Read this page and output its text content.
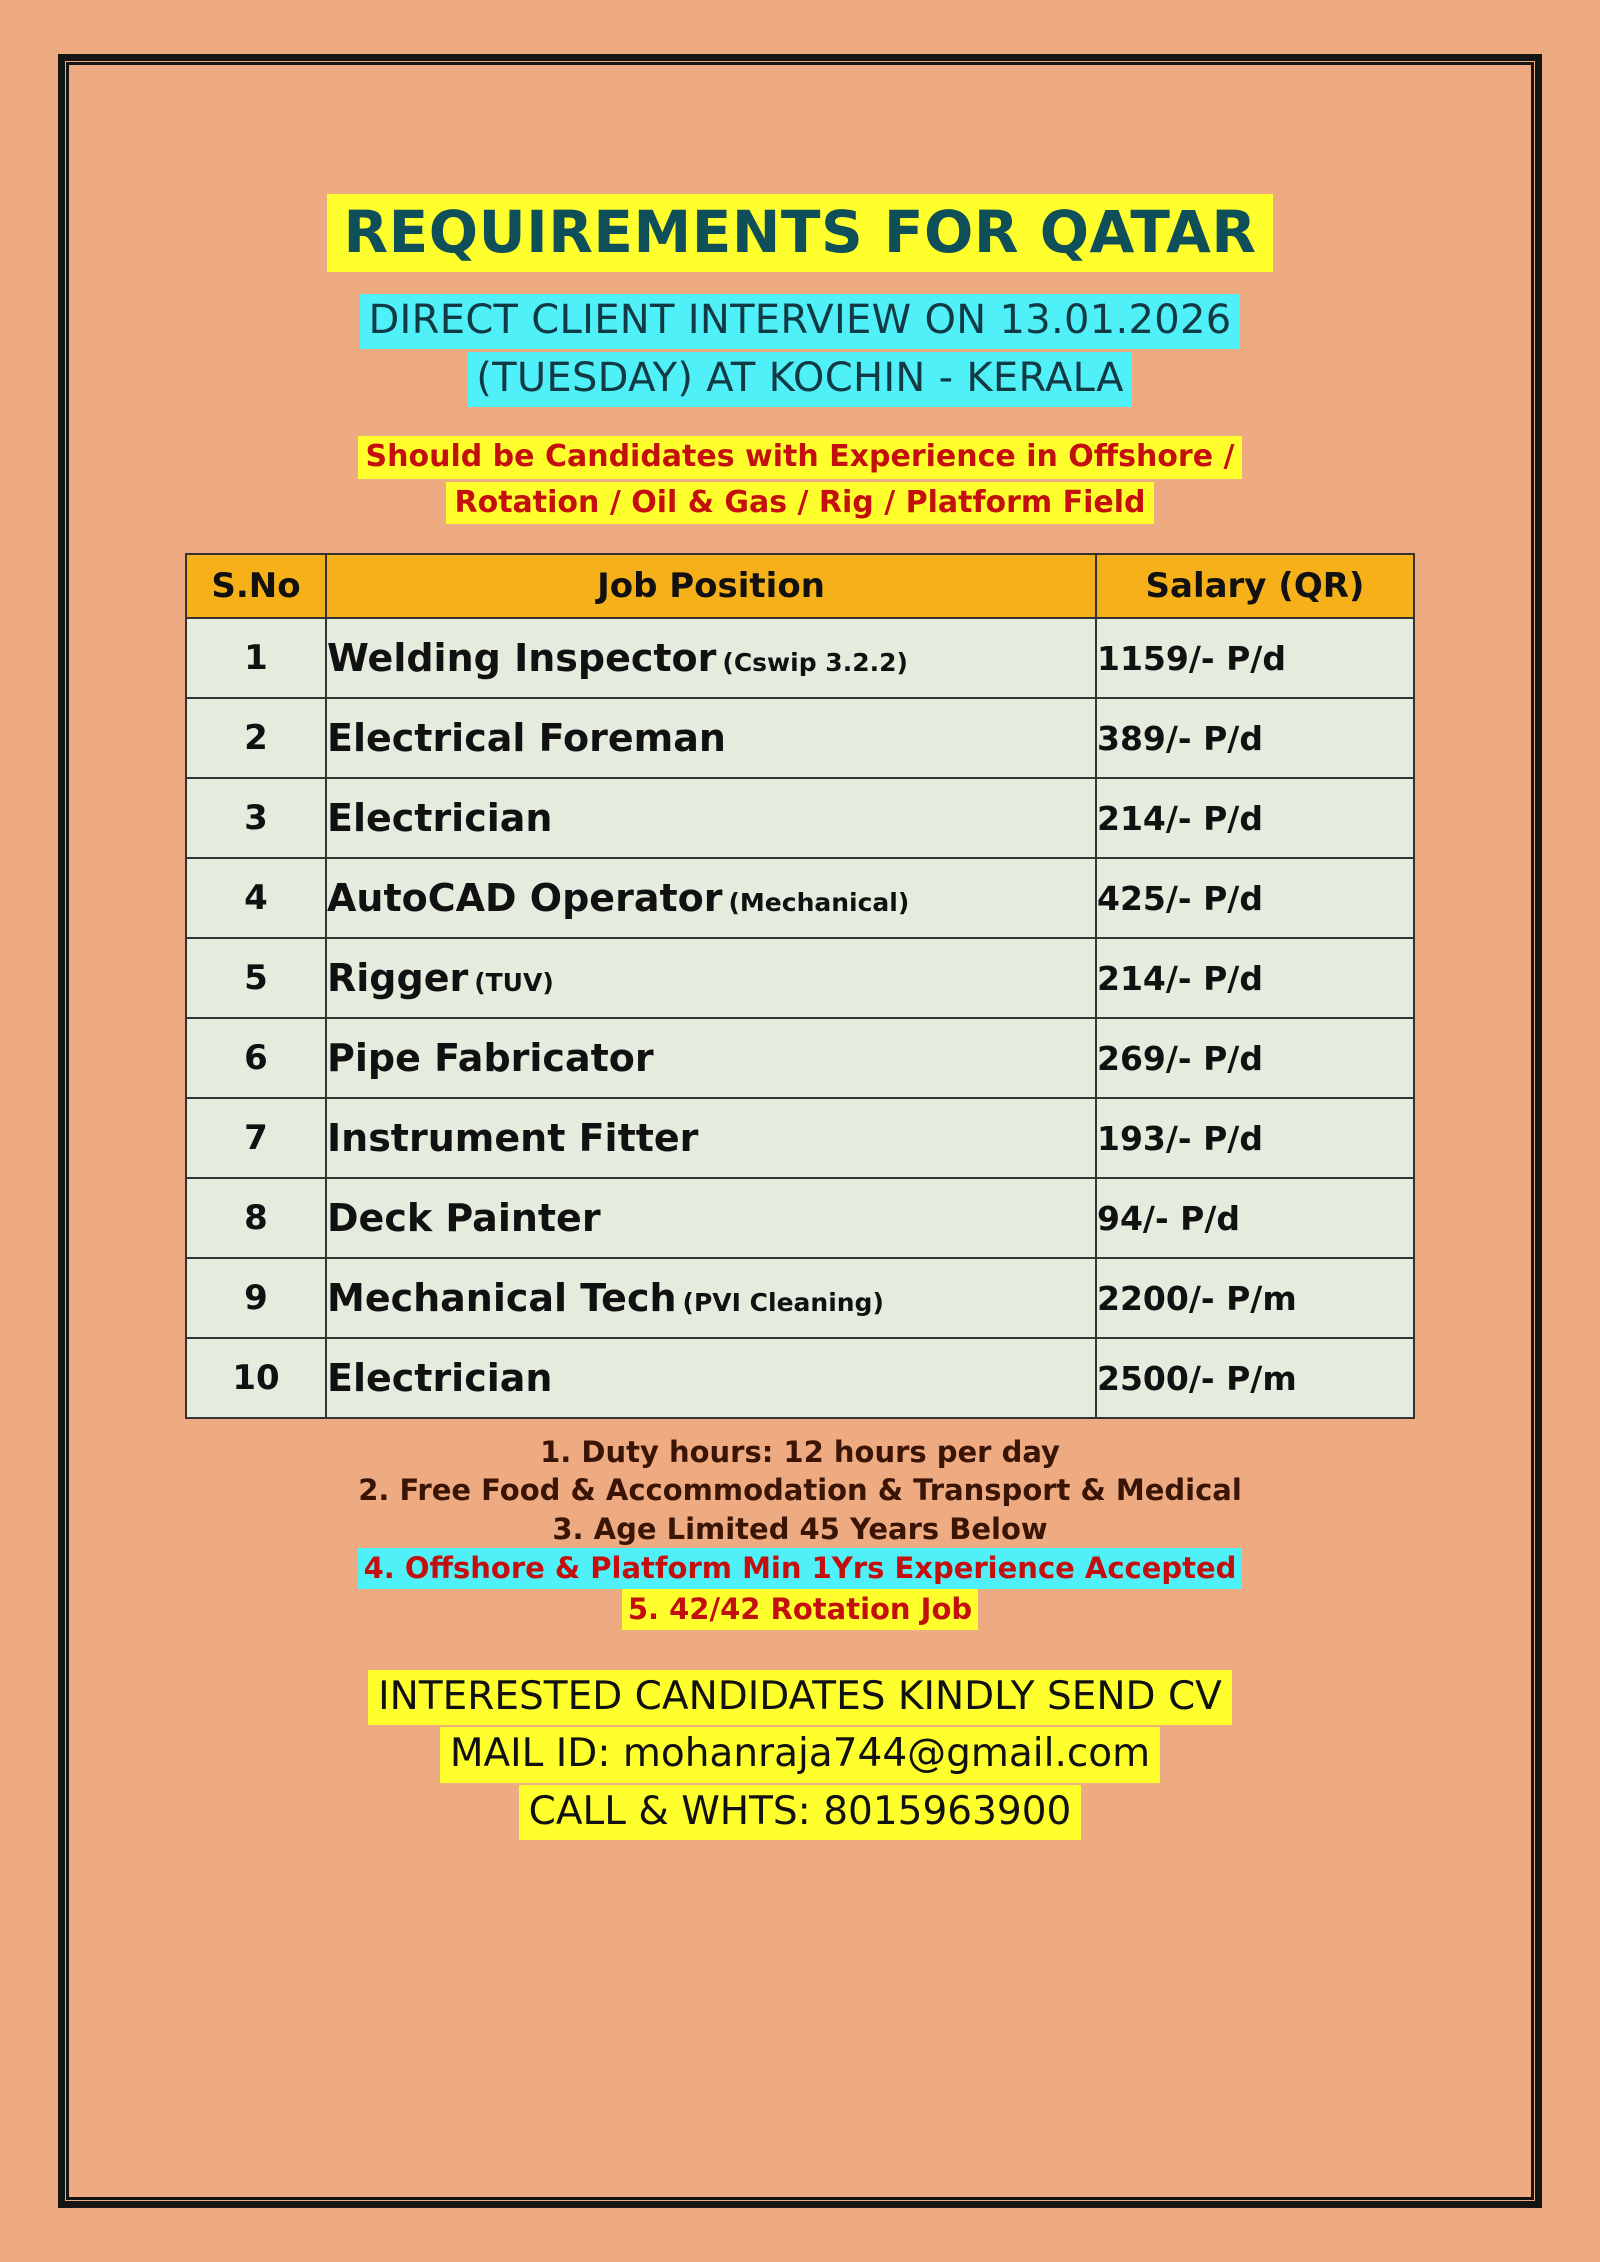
REQUIREMENTS FOR QATAR
DIRECT CLIENT INTERVIEW ON 13.01.2026
(TUESDAY) AT KOCHIN - KERALA
Should be Candidates with Experience in Offshore /
Rotation / Oil & Gas / Rig / Platform Field
S.No	Job Position	Salary (QR)
1	Welding Inspector (Cswip 3.2.2)	1159/- P/d
2	Electrical Foreman	389/- P/d
3	Electrician	214/- P/d
4	AutoCAD Operator (Mechanical)	425/- P/d
5	Rigger (TUV)	214/- P/d
6	Pipe Fabricator	269/- P/d
7	Instrument Fitter	193/- P/d
8	Deck Painter	94/- P/d
9	Mechanical Tech (PVI Cleaning)	2200/- P/m
10	Electrician	2500/- P/m
1. Duty hours: 12 hours per day
2. Free Food & Accommodation & Transport & Medical
3. Age Limited 45 Years Below
4. Offshore & Platform Min 1Yrs Experience Accepted
5. 42/42 Rotation Job
INTERESTED CANDIDATES KINDLY SEND CV
MAIL ID: mohanraja744@gmail.com
CALL & WHTS: 8015963900
